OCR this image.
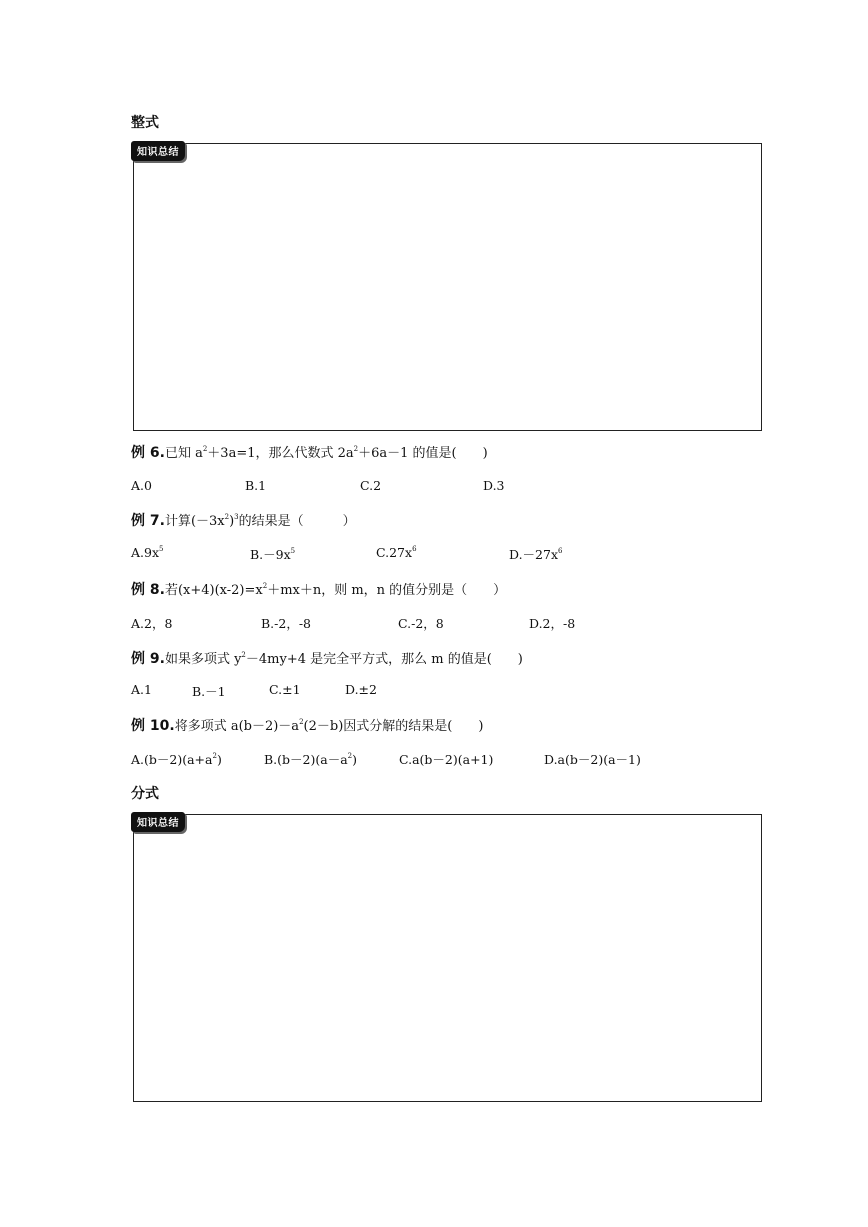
整式
知识总结
例 6.已知 $a^2+3a=1$，那么代数式 $2a^2+6a-1$ 的值是(　　)
A.0	B.1	C.2	D.3
例 7.计算$(-3x^2)^3$的结果是（　　　）
$A.9x^5$	$B.-9x^5$	$C.27x^6$	$D.-27x^6$
例 8.若$(x+4)(x-2)=x^2+mx+n$，则 m，n 的值分别是（　　）
A.2，8	B.-2，-8	C.-2，8	D.2，-8
例 9.如果多项式 $y^2-4my+4$ 是完全平方式，那么 m 的值是(　　)
A.1	B.－1	C.±1	D.±2
例 10.将多项式 $a(b-2)-a^2(2-b)$因式分解的结果是(　　)
$A.(b-2)(a+a^2)$	$B.(b-2)(a-a^2)$	C.a(b－2)(a+1)	D.a(b－2)(a－1)
分式
知识总结
